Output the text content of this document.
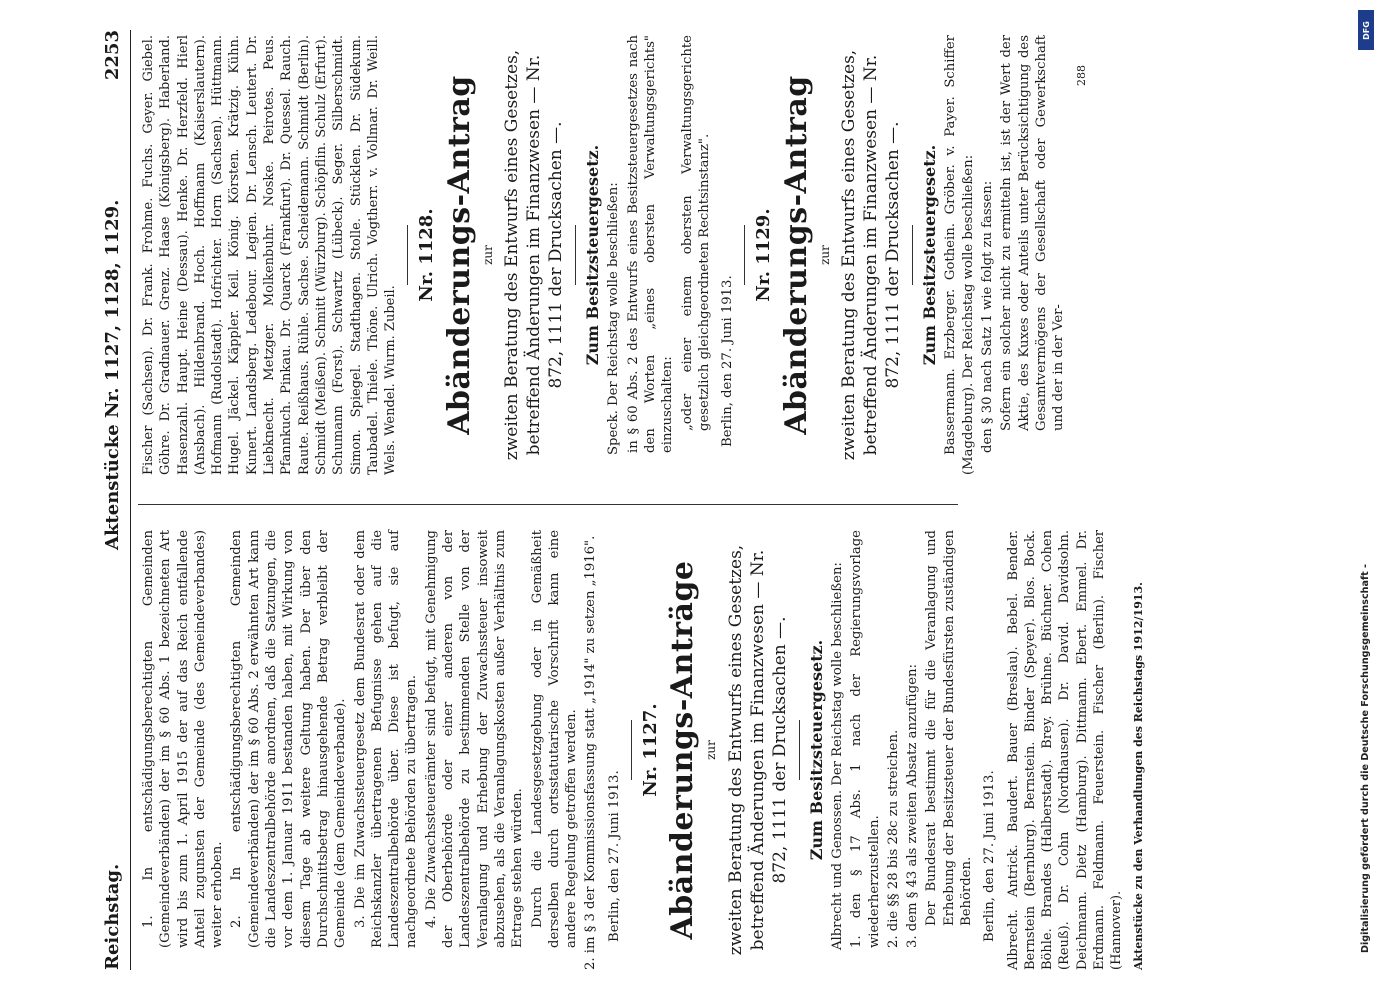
Reichstag.
Aktenstücke Nr. 1127, 1128, 1129.
2253

1. In entschädigungsberechtigten Gemeinden (Gemeindeverbänden) der im § 60 Abs. 1 bezeichneten Art wird bis zum 1. April 1915 der auf das Reich entfallende Anteil zugunsten der Gemeinde (des Gemeindeverbandes) weiter erhoben. 2. In entschädigungsberechtigten Gemeinden (Gemeindeverbänden) der im § 60 Abs. 2 erwähnten Art kann die Landeszentralbehörde anordnen, daß die Satzungen, die vor dem 1. Januar 1911 bestanden haben, mit Wirkung von diesem Tage ab weitere Geltung haben. Der über den Durchschnittsbetrag hinausgehende Betrag verbleibt der Gemeinde (dem Gemeindeverbande). 3. Die im Zuwachssteuergesetz dem Bundesrat oder dem Reichskanzler übertragenen Befugnisse gehen auf die Landeszentralbehörde über. Diese ist befugt, sie auf nachgeordnete Behörden zu übertragen. 4. Die Zuwachssteuerämter sind befugt, mit Genehmigung der Oberbehörde oder einer anderen von der Landeszentralbehörde zu bestimmenden Stelle von der Veranlagung und Erhebung der Zuwachssteuer insoweit abzusehen, als die Veranlagungskosten außer Verhältnis zum Ertrage stehen würden. Durch die Landesgesetzgebung oder in Gemäßheit derselben durch ortsstatutarische Vorschrift kann eine andere Regelung getroffen werden. 2. im § 3 der Kommissionsfassung statt „1914" zu setzen „1916". Berlin, den 27. Juni 1913.

Nr. 1127. Abänderungs-Anträge zur zweiten Beratung des Entwurfs eines Gesetzes, betreffend Änderungen im Finanzwesen — Nr. 872, 1111 der Drucksachen —. Zum Besitzsteuergesetz. Albrecht und Genossen. Der Reichstag wolle beschließen: 1. den § 17 Abs. 1 nach der Regierungsvorlage wiederherzustellen. 2. die §§ 28 bis 28c zu streichen. 3. dem § 43 als zweiten Absatz anzufügen: Der Bundesrat bestimmt die für die Veranlagung und Erhebung der Besitzsteuer der Bundesfürsten zuständigen Behörden. Berlin, den 27. Juni 1913. Albrecht. Antrick. Baudert. Bauer (Breslau). Bebel. Bender. Bernstein (Bernburg). Bernstein. Binder (Speyer). Blos. Bock. Böhle. Brandes (Halberstadt). Brey. Brühne. Büchner. Cohen (Reuß). Dr. Cohn (Nordhausen). Dr. David. Davidsohn. Deichmann. Dietz (Hamburg). Dittmann. Ebert. Emmel. Dr. Erdmann. Feldmann. Feuerstein. Fischer (Berlin). Fischer (Hannover). Aktenstücke zu den Verhandlungen des Reichstags 1912/1913.

Fischer (Sachsen). Dr. Frank. Frohme. Fuchs. Geyer. Giebel. Göhre. Dr. Gradnauer. Grenz. Haase (Königsberg). Haberland. Hasenzahl. Haupt. Heine (Dessau). Henke. Dr. Herzfeld. Hierl (Ansbach). Hildenbrand. Hoch. Hoffmann (Kaiserslautern). Hofmann (Rudolstadt). Hofrichter. Horn (Sachsen). Hüttmann. Hugel. Jäckel. Käppler. Keil. König. Körsten. Krätzig. Kühn. Kunert. Landsberg. Ledebour. Legien. Dr. Lensch. Leutert. Dr. Liebknecht. Metzger. Molkenbuhr. Noske. Peirotes. Peus. Pfannkuch. Pinkau. Dr. Quarck (Frankfurt). Dr. Quessel. Rauch. Raute. Reißhaus. Rühle. Sachse. Scheidemann. Schmidt (Berlin). Schmidt (Meißen). Schmitt (Würzburg). Schöpflin. Schulz (Erfurt). Schumann (Forst). Schwartz (Lübeck). Seger. Silberschmidt. Simon. Spiegel. Stadthagen. Stolle. Stücklen. Dr. Südekum. Taubadel. Thiele. Thöne. Ulrich. Vogtherr. v. Vollmar. Dr. Weill. Wels. Wendel. Wurm. Zubeil.

Nr. 1128. Abänderungs-Antrag zur zweiten Beratung des Entwurfs eines Gesetzes, betreffend Änderungen im Finanzwesen — Nr. 872, 1111 der Drucksachen —. Zum Besitzsteuergesetz. Speck. Der Reichstag wolle beschließen: in § 60 Abs. 2 des Entwurfs eines Besitzsteuergesetzes nach den Worten „eines obersten Verwaltungsgerichts" einzuschalten: „oder einer einem obersten Verwaltungsgerichte gesetzlich gleichgeordneten Rechtsinstanz". Berlin, den 27. Juni 1913.

Nr. 1129. Abänderungs-Antrag zur zweiten Beratung des Entwurfs eines Gesetzes, betreffend Änderungen im Finanzwesen — Nr. 872, 1111 der Drucksachen —. Zum Besitzsteuergesetz. Bassermann. Erzberger. Gothein. Gröber. v. Payer. Schiffer (Magdeburg). Der Reichstag wolle beschließen: den § 30 nach Satz 1 wie folgt zu fassen: Sofern ein solcher nicht zu ermitteln ist, ist der Wert der Aktie, des Kuxes oder Anteils unter Berücksichtigung des Gesamtvermögens der Gesellschaft oder Gewerkschaft und der in der Ver-

288
DFG
Digitalisierung gefördert durch die Deutsche Forschungsgemeinschaft -
